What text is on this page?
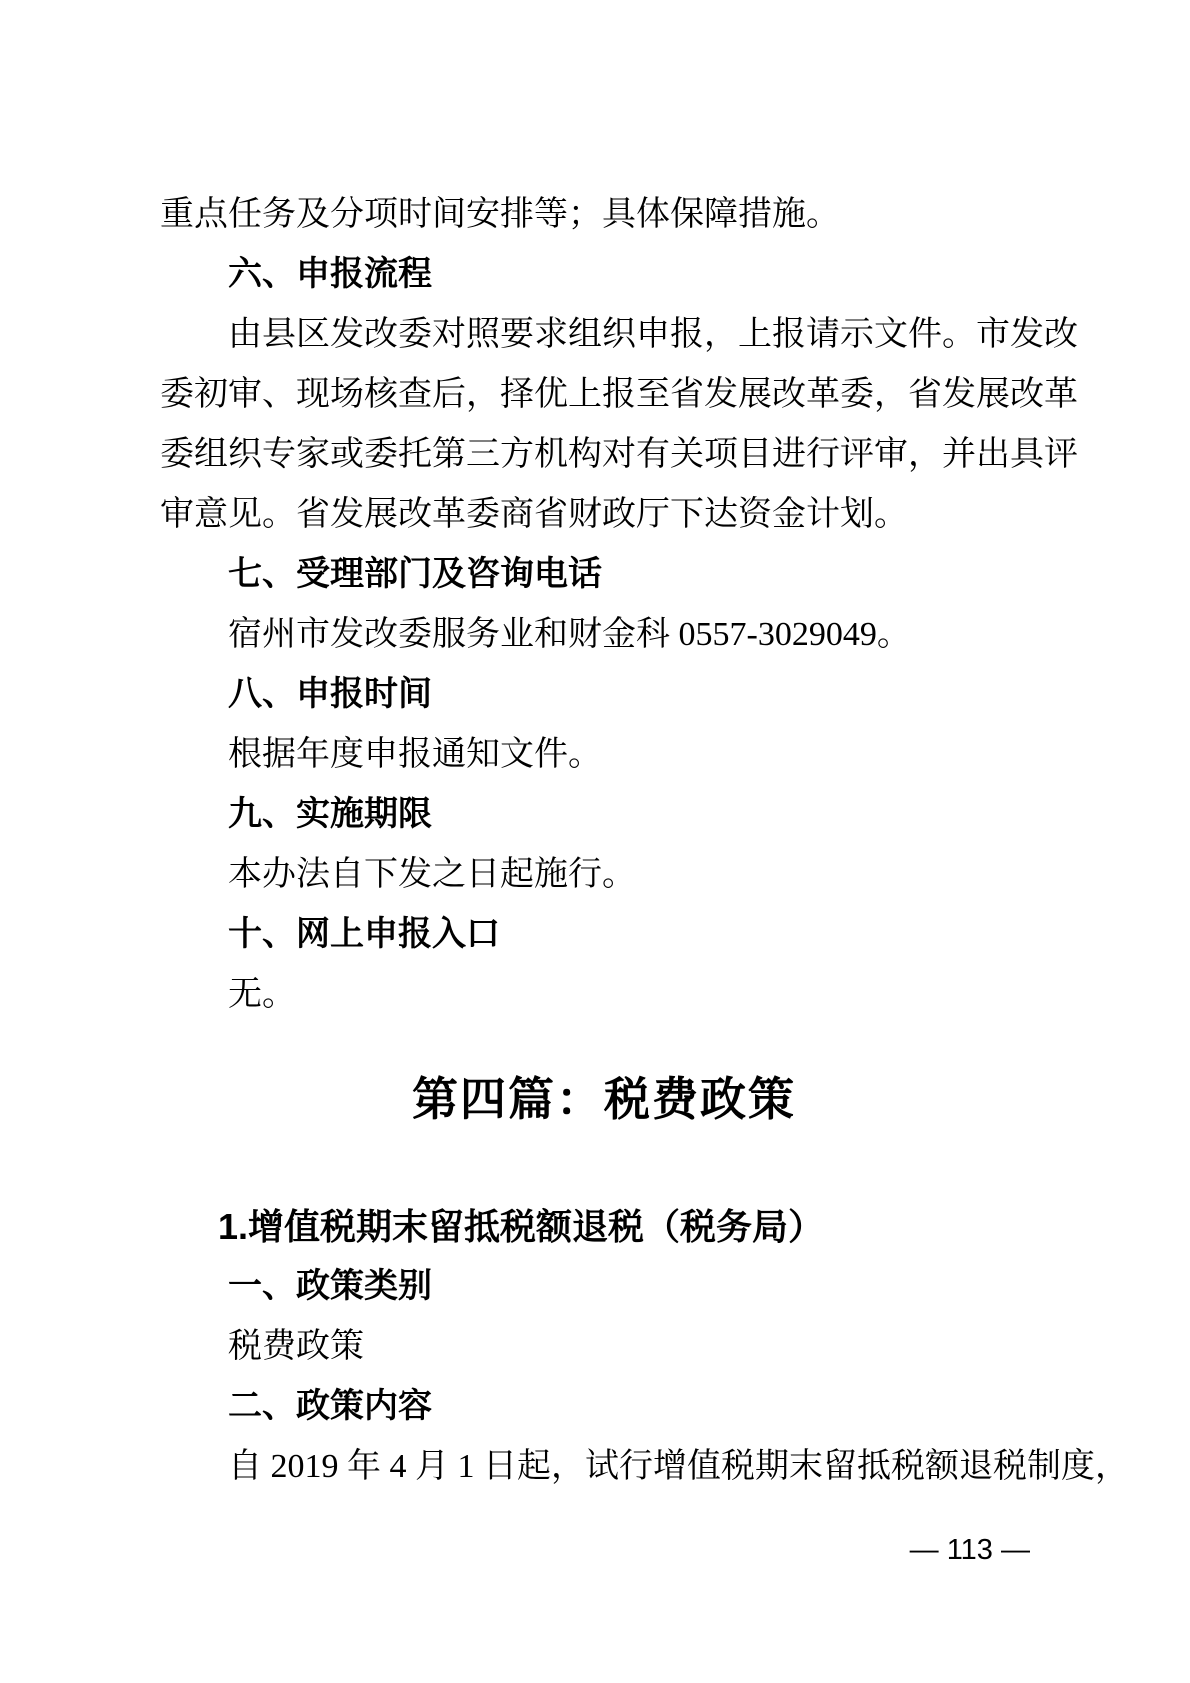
重点任务及分项时间安排等；具体保障措施。
六、申报流程
由县区发改委对照要求组织申报，上报请示文件。市发改
委初审、现场核查后，择优上报至省发展改革委，省发展改革
委组织专家或委托第三方机构对有关项目进行评审，并出具评
审意见。省发展改革委商省财政厅下达资金计划。
七、受理部门及咨询电话
宿州市发改委服务业和财金科 0557-3029049。
八、申报时间
根据年度申报通知文件。
九、实施期限
本办法自下发之日起施行。
十、网上申报入口
无。
第四篇：税费政策
1.增值税期末留抵税额退税（税务局）
一、政策类别
税费政策
二、政策内容
自 2019 年 4 月 1 日起，试行增值税期末留抵税额退税制度，
— 113 —
